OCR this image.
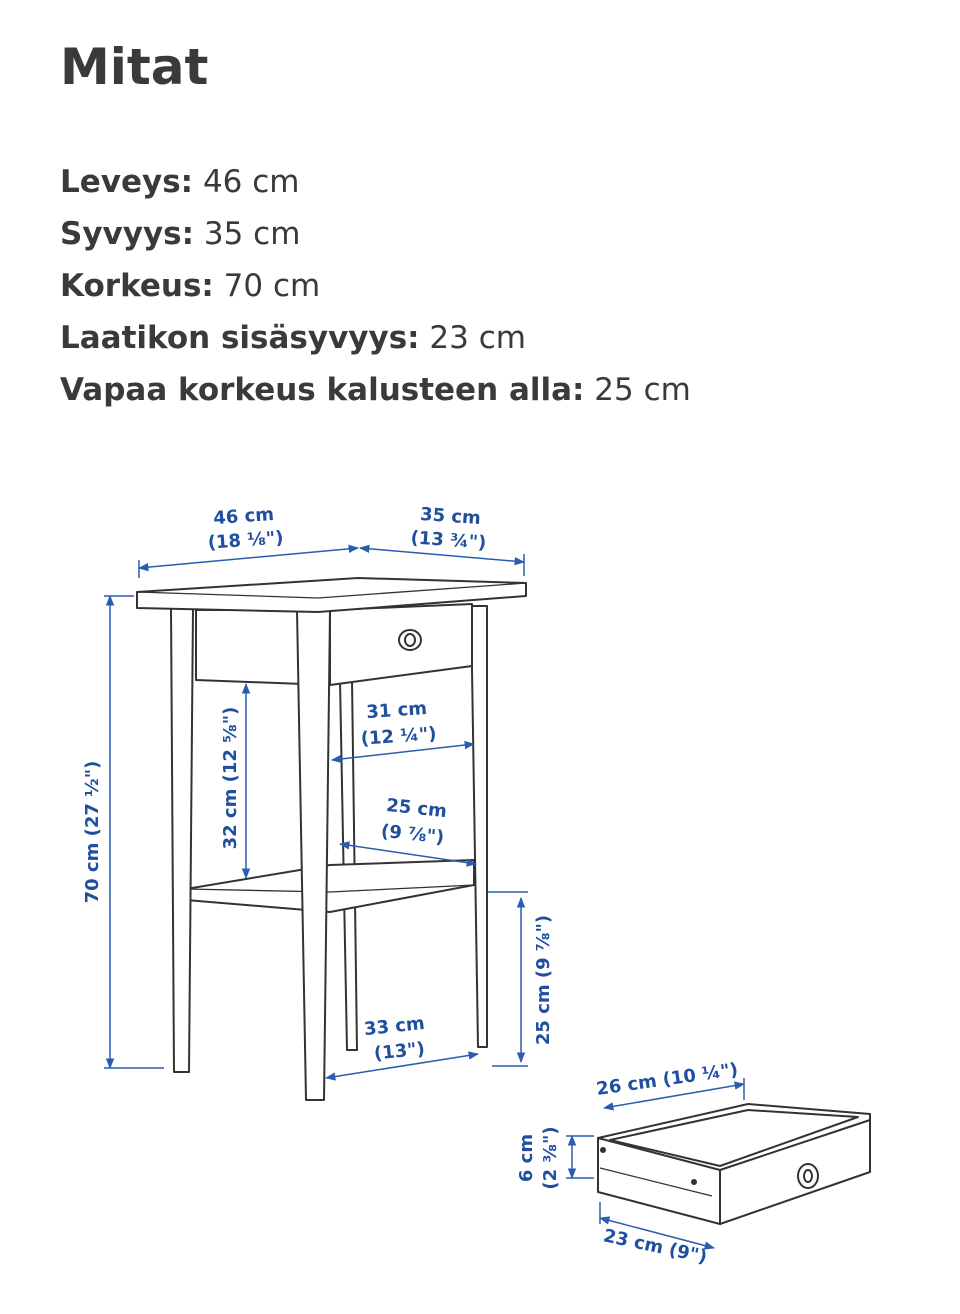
Mitat
Leveys: 46 cm
Syvyys: 35 cm
Korkeus: 70 cm
Laatikon sisäsyvyys: 23 cm
Vapaa korkeus kalusteen alla: 25 cm
46 cm
(18 ⅛")
35 cm
(13 ¾")
70 cm (27 ½")	32 cm (12 ⅝")	31 cm
(12 ¼")
25 cm
(9 ⅞")
25 cm (9 ⅞")
33 cm
(13")
26 cm (10 ¼")
6 cm (2 ⅜")
23 cm (9")
